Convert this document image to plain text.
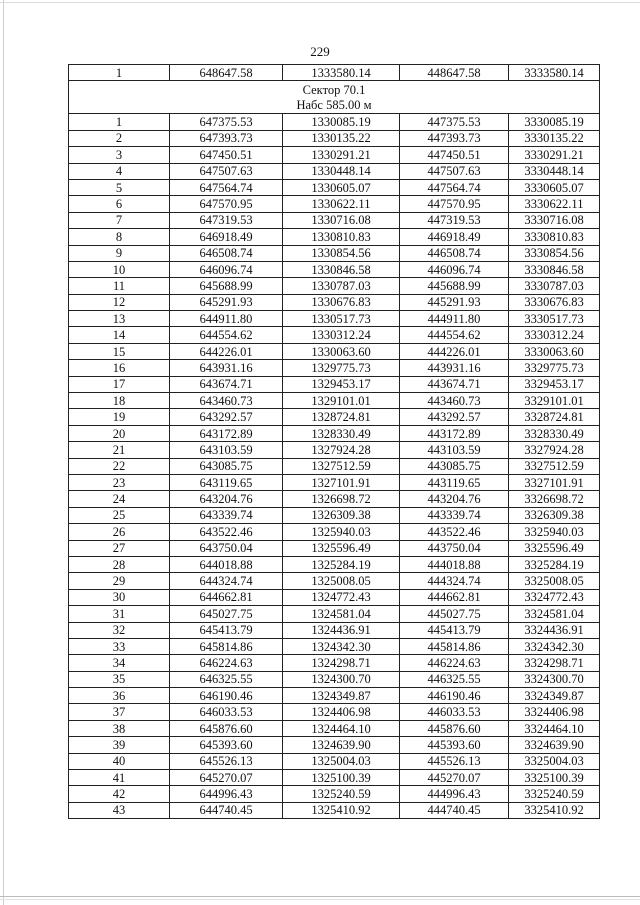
229
1	648647.58	1333580.14	448647.58	3333580.14

Сектор 70.1
Набс 585.00 м				

1	647375.53	1330085.19	447375.53	3330085.19
2	647393.73	1330135.22	447393.73	3330135.22
3	647450.51	1330291.21	447450.51	3330291.21
4	647507.63	1330448.14	447507.63	3330448.14
5	647564.74	1330605.07	447564.74	3330605.07
6	647570.95	1330622.11	447570.95	3330622.11
7	647319.53	1330716.08	447319.53	3330716.08
8	646918.49	1330810.83	446918.49	3330810.83
9	646508.74	1330854.56	446508.74	3330854.56
10	646096.74	1330846.58	446096.74	3330846.58
11	645688.99	1330787.03	445688.99	3330787.03
12	645291.93	1330676.83	445291.93	3330676.83
13	644911.80	1330517.73	444911.80	3330517.73
14	644554.62	1330312.24	444554.62	3330312.24
15	644226.01	1330063.60	444226.01	3330063.60
16	643931.16	1329775.73	443931.16	3329775.73
17	643674.71	1329453.17	443674.71	3329453.17
18	643460.73	1329101.01	443460.73	3329101.01
19	643292.57	1328724.81	443292.57	3328724.81
20	643172.89	1328330.49	443172.89	3328330.49
21	643103.59	1327924.28	443103.59	3327924.28
22	643085.75	1327512.59	443085.75	3327512.59
23	643119.65	1327101.91	443119.65	3327101.91
24	643204.76	1326698.72	443204.76	3326698.72
25	643339.74	1326309.38	443339.74	3326309.38
26	643522.46	1325940.03	443522.46	3325940.03
27	643750.04	1325596.49	443750.04	3325596.49
28	644018.88	1325284.19	444018.88	3325284.19
29	644324.74	1325008.05	444324.74	3325008.05
30	644662.81	1324772.43	444662.81	3324772.43
31	645027.75	1324581.04	445027.75	3324581.04
32	645413.79	1324436.91	445413.79	3324436.91
33	645814.86	1324342.30	445814.86	3324342.30
34	646224.63	1324298.71	446224.63	3324298.71
35	646325.55	1324300.70	446325.55	3324300.70
36	646190.46	1324349.87	446190.46	3324349.87
37	646033.53	1324406.98	446033.53	3324406.98
38	645876.60	1324464.10	445876.60	3324464.10
39	645393.60	1324639.90	445393.60	3324639.90
40	645526.13	1325004.03	445526.13	3325004.03
41	645270.07	1325100.39	445270.07	3325100.39
42	644996.43	1325240.59	444996.43	3325240.59
43	644740.45	1325410.92	444740.45	3325410.92
